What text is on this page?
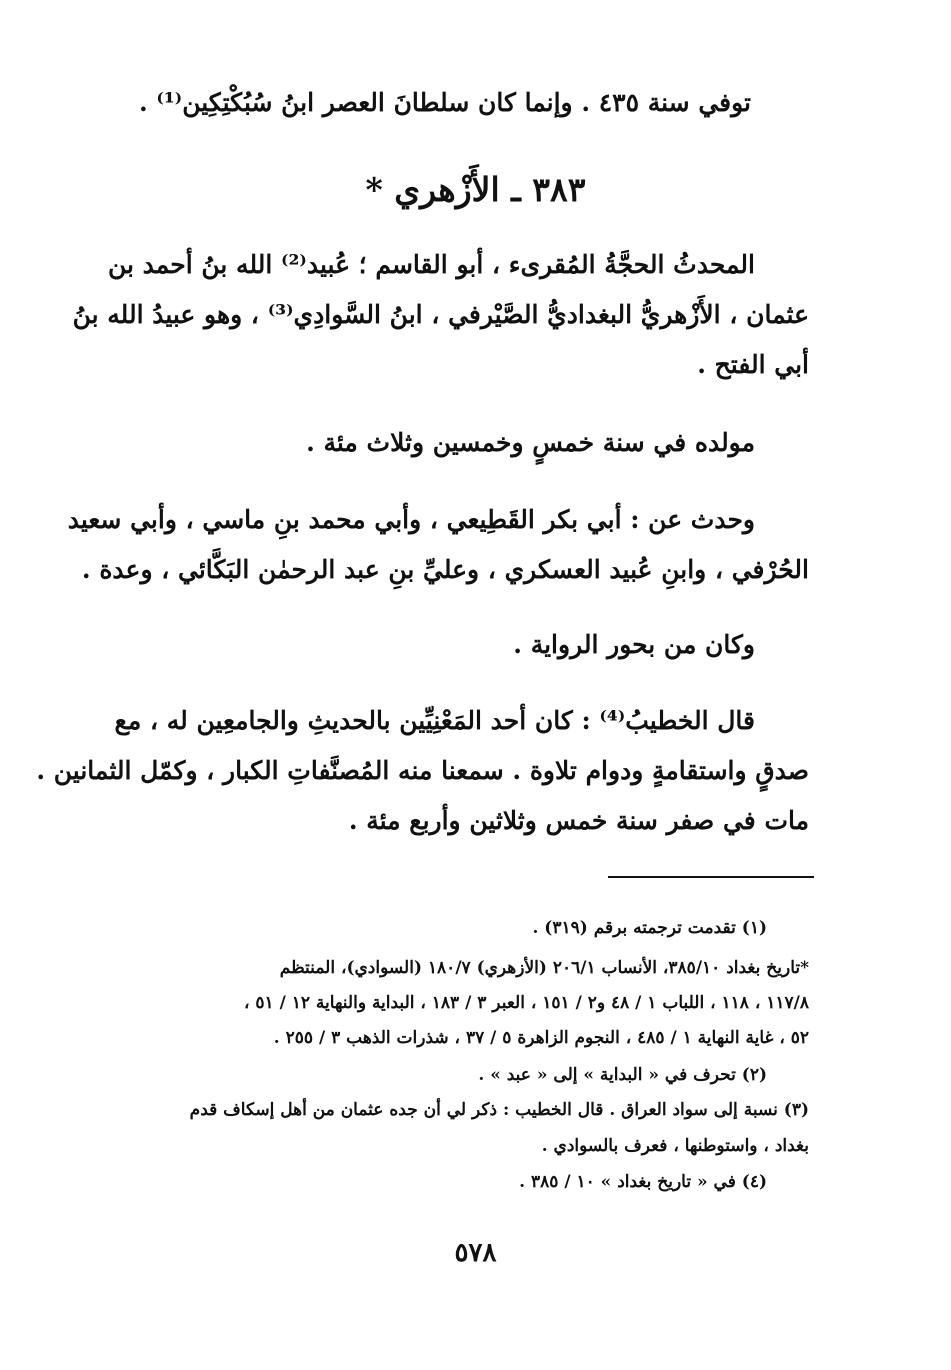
توفي سنة ٤٣٥ . وإنما كان سلطانَ العصر ابنُ سُبُكْتِكِين⁽¹⁾ .

٣٨٣ ـ الأَزْهري *

المحدثُ الحجَّةُ المُقرىء ، أبو القاسم ؛ عُبيد⁽²⁾ الله بنُ أحمد بن

عثمان ، الأَزْهريُّ البغداديُّ الصَّيْرفي ، ابنُ السَّوادِي⁽³⁾ ، وهو عبيدُ الله بنُ

أبي الفتح .

مولده في سنة خمسٍ وخمسين وثلاث مئة .

وحدث عن : أبي بكر القَطِيعي ، وأبي محمد بنِ ماسي ، وأبي سعيد

الحُرْفي ، وابنِ عُبيد العسكري ، وعليِّ بنِ عبد الرحمٰن البَكَّائي ، وعدة .

وكان من بحور الرواية .

قال الخطيبُ⁽⁴⁾ : كان أحد المَعْنِيِّين بالحديثِ والجامعِين له ، مع

صدقٍ واستقامةٍ ودوام تلاوة . سمعنا منه المُصنَّفاتِ الكبار ، وكمّل الثمانين .

مات في صفر سنة خمس وثلاثين وأربع مئة .

(١) تقدمت ترجمته برقم (٣١٩) .

*تاريخ بغداد ٣٨٥/١٠، الأنساب ٢٠٦/١ (الأزهري) ١٨٠/٧ (السوادي)، المنتظم

١١٧/٨ ، ١١٨ ، اللباب ١ / ٤٨ و٢ / ١٥١ ، العبر ٣ / ١٨٣ ، البداية والنهاية ١٢ / ٥١ ،

٥٢ ، غاية النهاية ١ / ٤٨٥ ، النجوم الزاهرة ٥ / ٣٧ ، شذرات الذهب ٣ / ٢٥٥ .

(٢) تحرف في « البداية » إلى « عبد » .

(٣) نسبة إلى سواد العراق . قال الخطيب : ذكر لي أن جده عثمان من أهل إسكاف قدم

بغداد ، واستوطنها ، فعرف بالسوادي .

(٤) في « تاريخ بغداد » ١٠ / ٣٨٥ .

٥٧٨
